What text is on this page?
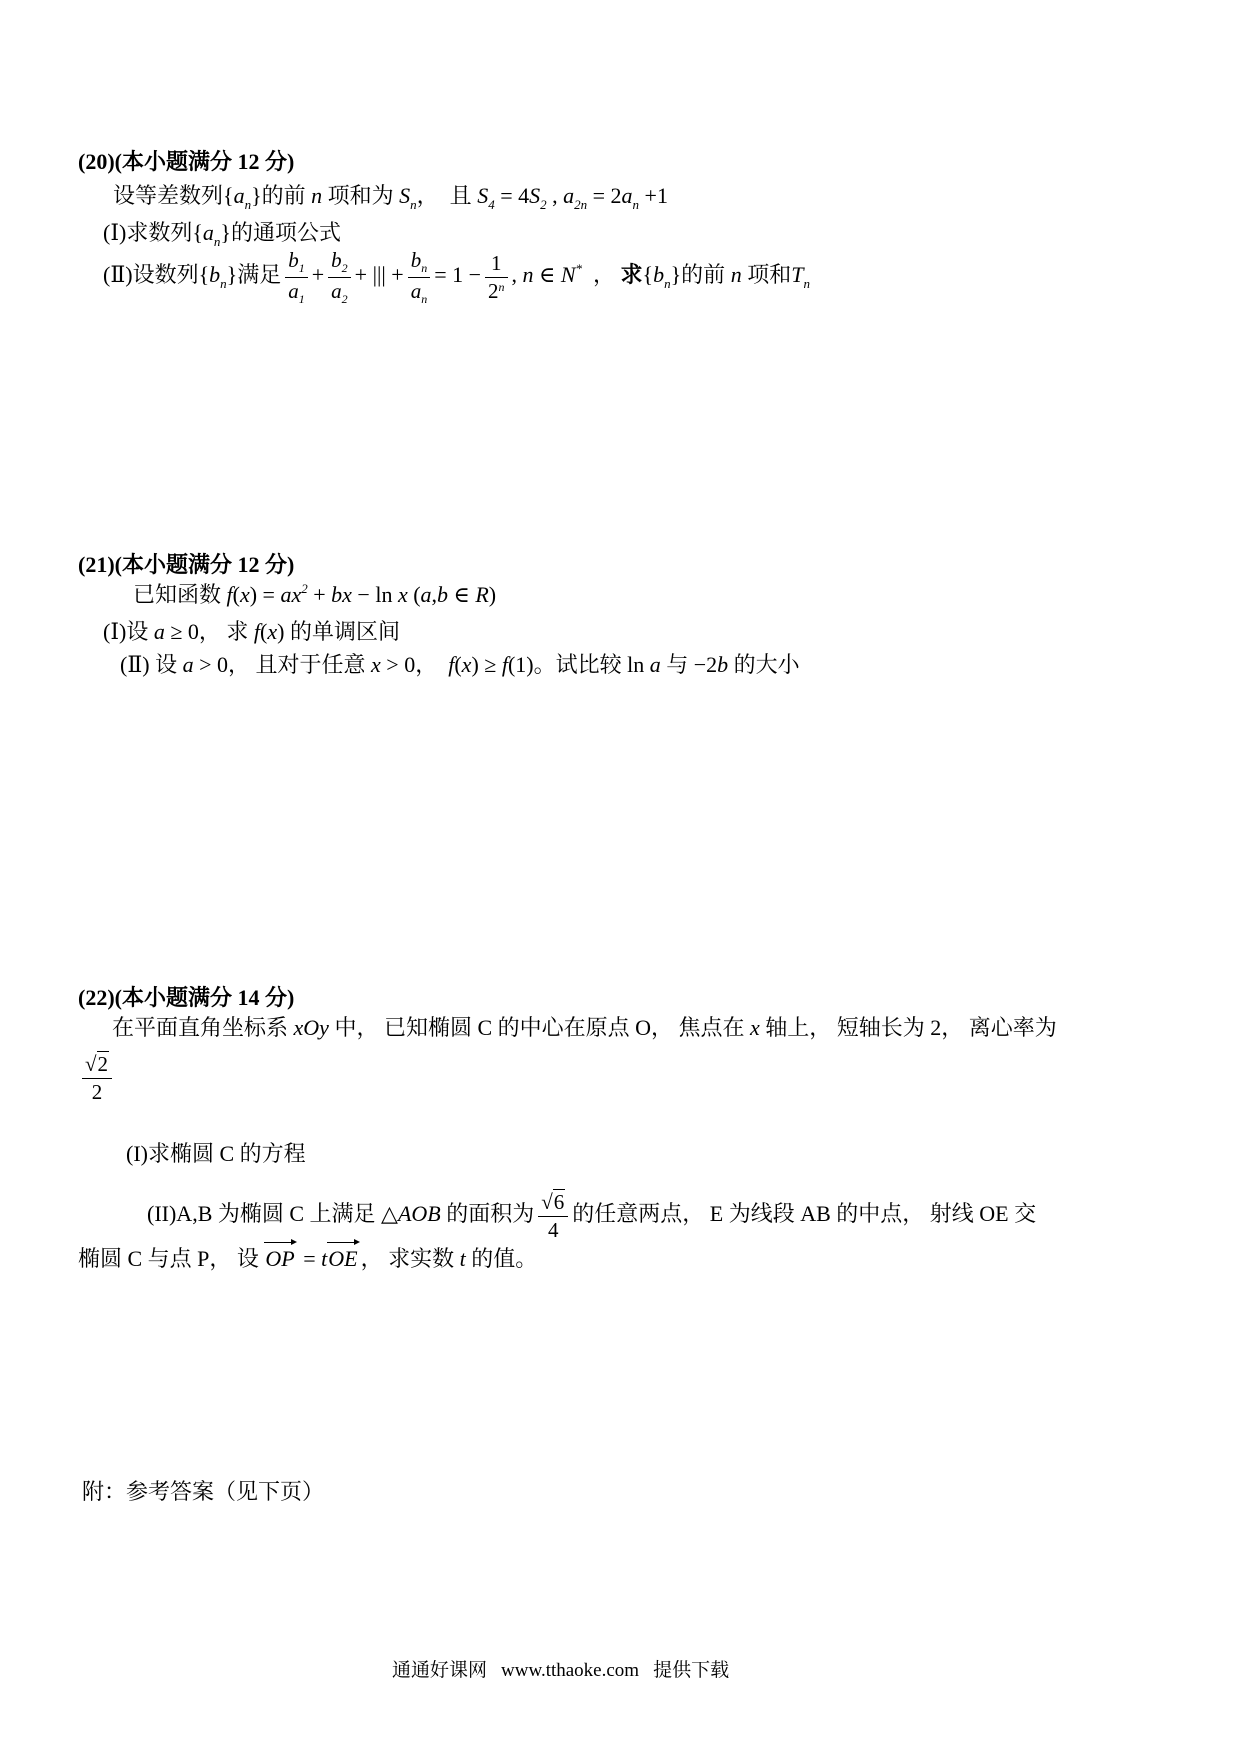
(20)(本小题满分 12 分)
设等差数列$\{a_n\}$的前 n 项和为 $S_n$，  且 $S_4 = 4S_2$ , $a_{2n} = 2a_n +1$
(Ⅰ)求数列$\{a_n\}$的通项公式
(Ⅱ)设数列$\{b_n\}$满足 $\frac{b_1}{a_1} + \frac{b_2}{a_2}$ + ||| + $\frac{b_n}{a_n} = 1 - \frac{1}{2^n}$ , n ∈ N*  ， 求$\{b_n\}$的前 n 项和$T_n$
(21)(本小题满分 12 分)
已知函数 $f(x) = ax^2$ + bx − ln x (a,b ∈ R)
(Ⅰ)设 a ≥ 0， 求 f(x) 的单调区间
(Ⅱ) 设 a > 0， 且对于任意 x > 0，  f(x) ≥ f(1)。试比较 ln a 与 −2b 的大小
(22)(本小题满分 14 分)
在平面直角坐标系 xOy 中， 已知椭圆 C 的中心在原点 O， 焦点在 x 轴上， 短轴长为 2， 离心率为
$\frac{√2}{2}$
(I)求椭圆 C 的方程
(II)A,B 为椭圆 C 上满足 △AOB 的面积为 $\frac{√6}{4}$ 的任意两点， E 为线段 AB 的中点， 射线 OE 交
椭圆 C 与点 P， 设 OP = tOE ， 求实数 t 的值。
附：参考答案（见下页）
通通好课网 www.tthaoke.com 提供下载
